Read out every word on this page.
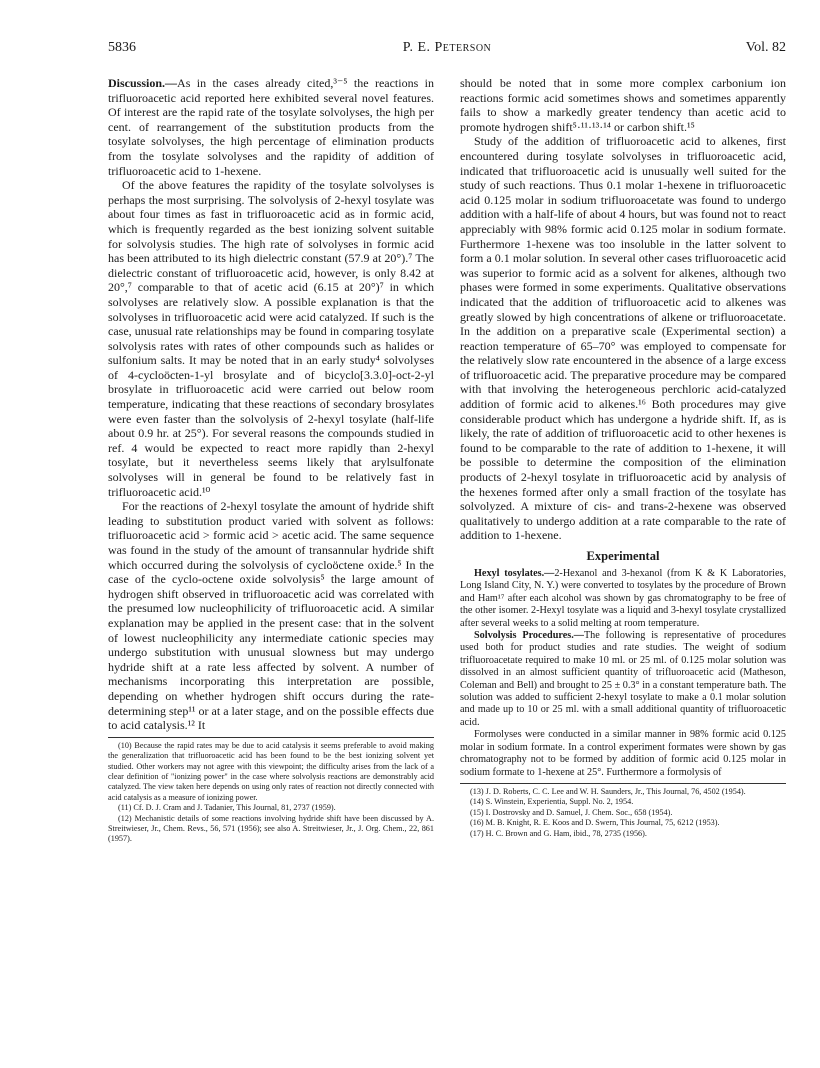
5836	P. E. Peterson	Vol. 82

Discussion.—As in the cases already cited,³⁻⁵ the reactions in trifluoroacetic acid reported here exhibited several novel features. Of interest are the rapid rate of the tosylate solvolyses, the high per cent. of rearrangement of the substitution products from the tosylate solvolyses, the high percentage of elimination products from the tosylate solvolyses and the rapidity of addition of trifluoroacetic acid to 1-hexene.

Of the above features the rapidity of the tosylate solvolyses is perhaps the most surprising. The solvolysis of 2-hexyl tosylate was about four times as fast in trifluoroacetic acid as in formic acid, which is frequently regarded as the best ionizing solvent suitable for solvolysis studies. The high rate of solvolyses in formic acid has been attributed to its high dielectric constant (57.9 at 20°).⁷ The dielectric constant of trifluoroacetic acid, however, is only 8.42 at 20°,⁷ comparable to that of acetic acid (6.15 at 20°)⁷ in which solvolyses are relatively slow. A possible explanation is that the solvolyses in trifluoroacetic acid were acid catalyzed. If such is the case, unusual rate relationships may be found in comparing tosylate solvolysis rates with rates of other compounds such as halides or sulfonium salts. It may be noted that in an early study⁴ solvolyses of 4-cycloöcten-1-yl brosylate and of bicyclo[3.3.0]-oct-2-yl brosylate in trifluoroacetic acid were carried out below room temperature, indicating that these reactions of secondary brosylates were even faster than the solvolysis of 2-hexyl tosylate (half-life about 0.9 hr. at 25°). For several reasons the compounds studied in ref. 4 would be expected to react more rapidly than 2-hexyl tosylate, but it nevertheless seems likely that arylsulfonate solvolyses will in general be found to be relatively fast in trifluoroacetic acid.¹⁰

For the reactions of 2-hexyl tosylate the amount of hydride shift leading to substitution product varied with solvent as follows: trifluoroacetic acid > formic acid > acetic acid. The same sequence was found in the study of the amount of transannular hydride shift which occurred during the solvolysis of cycloöctene oxide.⁵ In the case of the cyclo-octene oxide solvolysis⁵ the large amount of hydrogen shift observed in trifluoroacetic acid was correlated with the presumed low nucleophilicity of trifluoroacetic acid. A similar explanation may be applied in the present case: that in the solvent of lowest nucleophilicity any intermediate cationic species may undergo substitution with unusual slowness but may undergo hydride shift at a rate less affected by solvent. A number of mechanisms incorporating this interpretation are possible, depending on whether hydrogen shift occurs during the rate-determining step¹¹ or at a later stage, and on the possible effects due to acid catalysis.¹² It

(10) Because the rapid rates may be due to acid catalysis it seems preferable to avoid making the generalization that trifluoroacetic acid has been found to be the best ionizing solvent yet studied. Other workers may not agree with this viewpoint; the difficulty arises from the lack of a clear definition of "ionizing power" in the case where solvolysis reactions are demonstrably acid catalyzed. The view taken here depends on using only rates of reaction not directly connected with acid catalysis as a measure of ionizing power.

(11) Cf. D. J. Cram and J. Tadanier, This Journal, 81, 2737 (1959).

(12) Mechanistic details of some reactions involving hydride shift have been discussed by A. Streitwieser, Jr., Chem. Revs., 56, 571 (1956); see also A. Streitwieser, Jr., J. Org. Chem., 22, 861 (1957).

should be noted that in some more complex carbonium ion reactions formic acid sometimes shows and sometimes apparently fails to show a markedly greater tendency than acetic acid to promote hydrogen shift⁵·¹¹·¹³·¹⁴ or carbon shift.¹⁵

Study of the addition of trifluoroacetic acid to alkenes, first encountered during tosylate solvolyses in trifluoroacetic acid, indicated that trifluoroacetic acid is unusually well suited for the study of such reactions. Thus 0.1 molar 1-hexene in trifluoroacetic acid 0.125 molar in sodium trifluoroacetate was found to undergo addition with a half-life of about 4 hours, but was found not to react appreciably with 98% formic acid 0.125 molar in sodium formate. Furthermore 1-hexene was too insoluble in the latter solvent to form a 0.1 molar solution. In several other cases trifluoroacetic acid was superior to formic acid as a solvent for alkenes, although two phases were formed in some experiments. Qualitative observations indicated that the addition of trifluoroacetic acid to alkenes was greatly slowed by high concentrations of alkene or trifluoroacetate. In the addition on a preparative scale (Experimental section) a reaction temperature of 65–70° was employed to compensate for the relatively slow rate encountered in the absence of a large excess of trifluoroacetic acid. The preparative procedure may be compared with that involving the heterogeneous perchloric acid-catalyzed addition of formic acid to alkenes.¹⁶ Both procedures may give considerable product which has undergone a hydride shift. If, as is likely, the rate of addition of trifluoroacetic acid to other hexenes is found to be comparable to the rate of addition to 1-hexene, it will be possible to determine the composition of the elimination products of 2-hexyl tosylate in trifluoroacetic acid by analysis of the hexenes formed after only a small fraction of the tosylate has solvolyzed. A mixture of cis- and trans-2-hexene was observed qualitatively to undergo addition at a rate comparable to the rate of addition to 1-hexene.

Experimental

Hexyl tosylates.—2-Hexanol and 3-hexanol (from K & K Laboratories, Long Island City, N. Y.) were converted to tosylates by the procedure of Brown and Ham¹⁷ after each alcohol was shown by gas chromatography to be free of the other isomer. 2-Hexyl tosylate was a liquid and 3-hexyl tosylate crystallized after several weeks to a solid melting at room temperature.

Solvolysis Procedures.—The following is representative of procedures used both for product studies and rate studies. The weight of sodium trifluoroacetate required to make 10 ml. or 25 ml. of 0.125 molar solution was dissolved in an almost sufficient quantity of trifluoroacetic acid (Matheson, Coleman and Bell) and brought to 25 ± 0.3° in a constant temperature bath. The solution was added to sufficient 2-hexyl tosylate to make a 0.1 molar solution and made up to 10 or 25 ml. with a small additional quantity of trifluoroacetic acid.

Formolyses were conducted in a similar manner in 98% formic acid 0.125 molar in sodium formate. In a control experiment formates were shown by gas chromatography not to be formed by addition of formic acid 0.125 molar in sodium formate to 1-hexene at 25°. Furthermore a formolysis of

(13) J. D. Roberts, C. C. Lee and W. H. Saunders, Jr., This Journal, 76, 4502 (1954).

(14) S. Winstein, Experientia, Suppl. No. 2, 1954.

(15) I. Dostrovsky and D. Samuel, J. Chem. Soc., 658 (1954).

(16) M. B. Knight, R. E. Koos and D. Swern, This Journal, 75, 6212 (1953).

(17) H. C. Brown and G. Ham, ibid., 78, 2735 (1956).
